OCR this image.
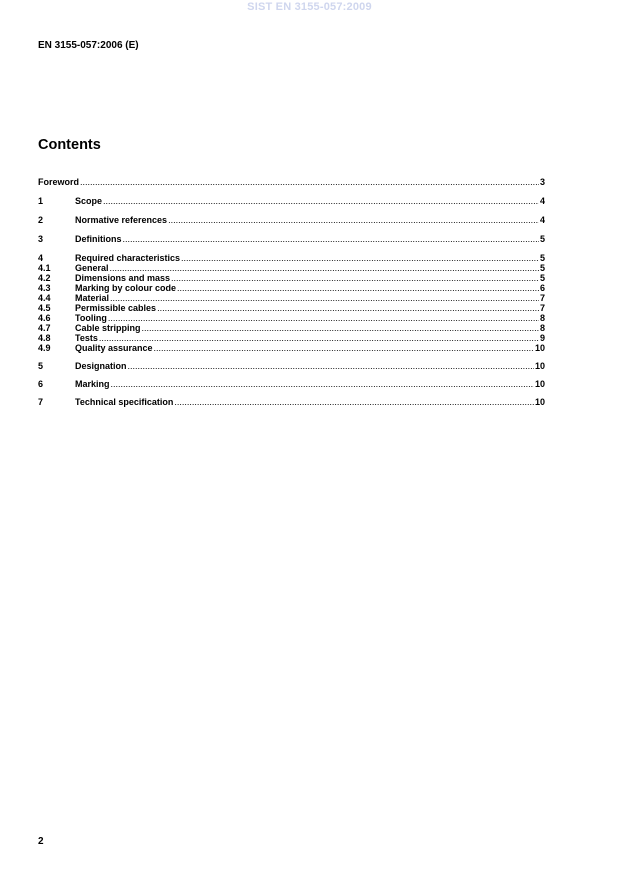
SIST EN 3155-057:2009
EN 3155-057:2006 (E)
Contents
Foreword .....	3
1	Scope .....	4
2	Normative references .....	4
3	Definitions .....	5
4	Required characteristics .....	5
4.1	General .....	5
4.2	Dimensions and mass .....	5
4.3	Marking by colour code .....	6
4.4	Material .....	7
4.5	Permissible cables .....	7
4.6	Tooling .....	8
4.7	Cable stripping .....	8
4.8	Tests .....	9
4.9	Quality assurance .....	10
5	Designation .....	10
6	Marking .....	10
7	Technical specification .....	10
2
